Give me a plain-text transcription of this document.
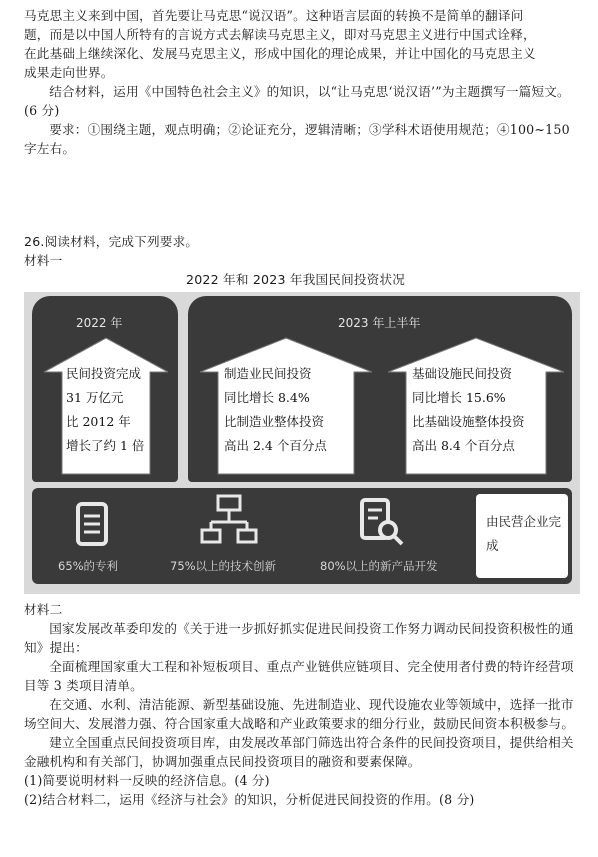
马克思主义来到中国，首先要让马克思“说汉语”。这种语言层面的转换不是简单的翻译问

题，而是以中国人所特有的言说方式去解读马克思主义，即对马克思主义进行中国式诠释，

在此基础上继续深化、发展马克思主义，形成中国化的理论成果，并让中国化的马克思主义

成果走向世界。

结合材料，运用《中国特色社会主义》的知识，以“让马克思‘说汉语’”为主题撰写一篇短文。(6 分)

要求：①围绕主题，观点明确；②论证充分，逻辑清晰；③学科术语使用规范；④100~150字左右。

26.阅读材料，完成下列要求。
材料一
2022 年和 2023 年我国民间投资状况
2022 年	2023 年上半年
民间投资完成
31 万亿元
比 2012 年
增长了约 1 倍
制造业民间投资
同比增长 8.4%
比制造业整体投资
高出 2.4 个百分点
基础设施民间投资
同比增长 15.6%
比基础设施整体投资
高出 8.4 个百分点
65%的专利	75%以上的技术创新	80%以上的新产品开发
由民营企业完成
材料二

国家发展改革委印发的《关于进一步抓好抓实促进民间投资工作努力调动民间投资积极性的通知》提出：

全面梳理国家重大工程和补短板项目、重点产业链供应链项目、完全使用者付费的特许经营项目等 3 类项目清单。

在交通、水利、清洁能源、新型基础设施、先进制造业、现代设施农业等领域中，选择一批市场空间大、发展潜力强、符合国家重大战略和产业政策要求的细分行业，鼓励民间资本积极参与。

建立全国重点民间投资项目库，由发展改革部门筛选出符合条件的民间投资项目，提供给相关金融机构和有关部门，协调加强重点民间投资项目的融资和要素保障。

(1)简要说明材料一反映的经济信息。(4 分)

(2)结合材料二，运用《经济与社会》的知识，分析促进民间投资的作用。(8 分)
